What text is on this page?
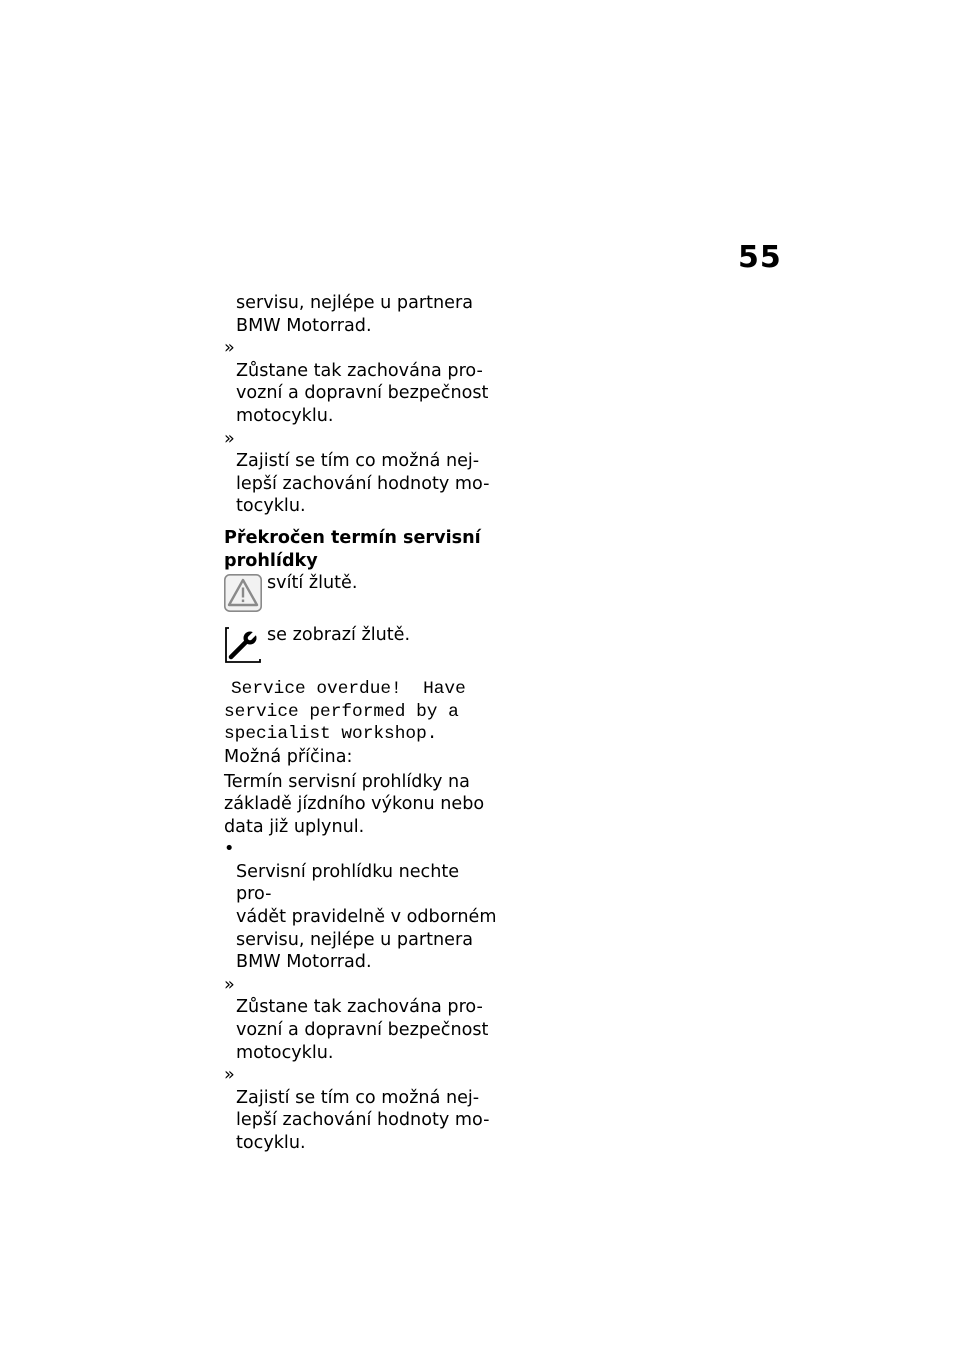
55

servisu, nejlépe u partnera
BMW Motorrad.

»
Zůstane tak zachována pro-
vozní a dopravní bezpečnost
motocyklu.

»
Zajistí se tím co možná nej-
lepší zachování hodnoty mo-
tocyklu.

Překročen termín servisní
prohlídky

svítí žlutě.
se zobrazí žlutě.

Service overdue!  Have
service performed by a
specialist workshop.

Možná příčina:

Termín servisní prohlídky na
základě jízdního výkonu nebo
data již uplynul.

•
Servisní prohlídku nechte pro-
vádět pravidelně v odborném
servisu, nejlépe u partnera
BMW Motorrad.

»
Zůstane tak zachována pro-
vozní a dopravní bezpečnost
motocyklu.

»
Zajistí se tím co možná nej-
lepší zachování hodnoty mo-
tocyklu.
